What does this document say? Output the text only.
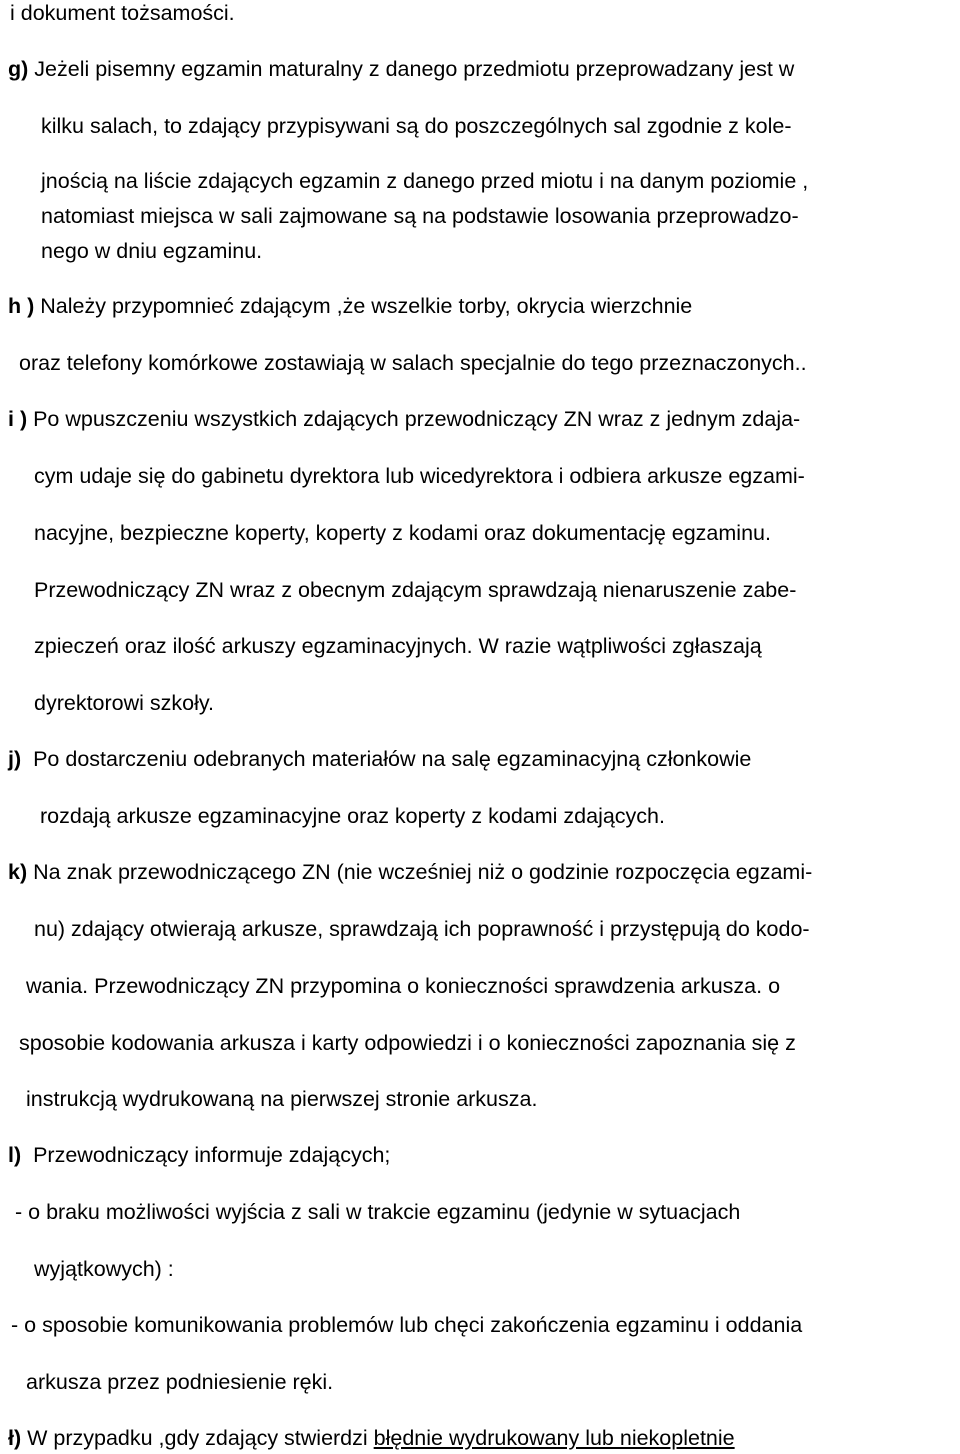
i dokument tożsamości.

g) Jeżeli pisemny egzamin maturalny z danego przedmiotu przeprowadzany jest w

kilku salach, to zdający przypisywani są do poszczególnych sal zgodnie z kole-

jnością na liście zdających egzamin z danego przed miotu i na danym poziomie ,

natomiast miejsca w sali zajmowane są na podstawie losowania przeprowadzo-

nego w dniu egzaminu.

h ) Należy przypomnieć zdającym ,że wszelkie torby, okrycia wierzchnie

oraz telefony komórkowe zostawiają w salach specjalnie do tego przeznaczonych..

i ) Po wpuszczeniu wszystkich zdających przewodniczący ZN wraz z jednym zdaja-

cym udaje się do gabinetu dyrektora lub wicedyrektora i odbiera arkusze egzami-

nacyjne, bezpieczne koperty, koperty z kodami oraz dokumentację egzaminu.

Przewodniczący ZN wraz z obecnym zdającym sprawdzają nienaruszenie zabe-

zpieczeń oraz ilość arkuszy egzaminacyjnych. W razie wątpliwości zgłaszają

dyrektorowi szkoły.

j) Po dostarczeniu odebranych materiałów na salę egzaminacyjną członkowie

rozdają arkusze egzaminacyjne oraz koperty z kodami zdających.

k) Na znak przewodniczącego ZN (nie wcześniej niż o godzinie rozpoczęcia egzami-

nu) zdający otwierają arkusze, sprawdzają ich poprawność i przystępują do kodo-

wania. Przewodniczący ZN przypomina o konieczności sprawdzenia arkusza. o

sposobie kodowania arkusza i karty odpowiedzi i o konieczności zapoznania się z

instrukcją wydrukowaną na pierwszej stronie arkusza.

l) Przewodniczący informuje zdających;

- o braku możliwości wyjścia z sali w trakcie egzaminu (jedynie w sytuacjach

wyjątkowych) :

- o sposobie komunikowania problemów lub chęci zakończenia egzaminu i oddania

arkusza przez podniesienie ręki.

ł) W przypadku ,gdy zdający stwierdzi błędnie wydrukowany lub niekopletnie
